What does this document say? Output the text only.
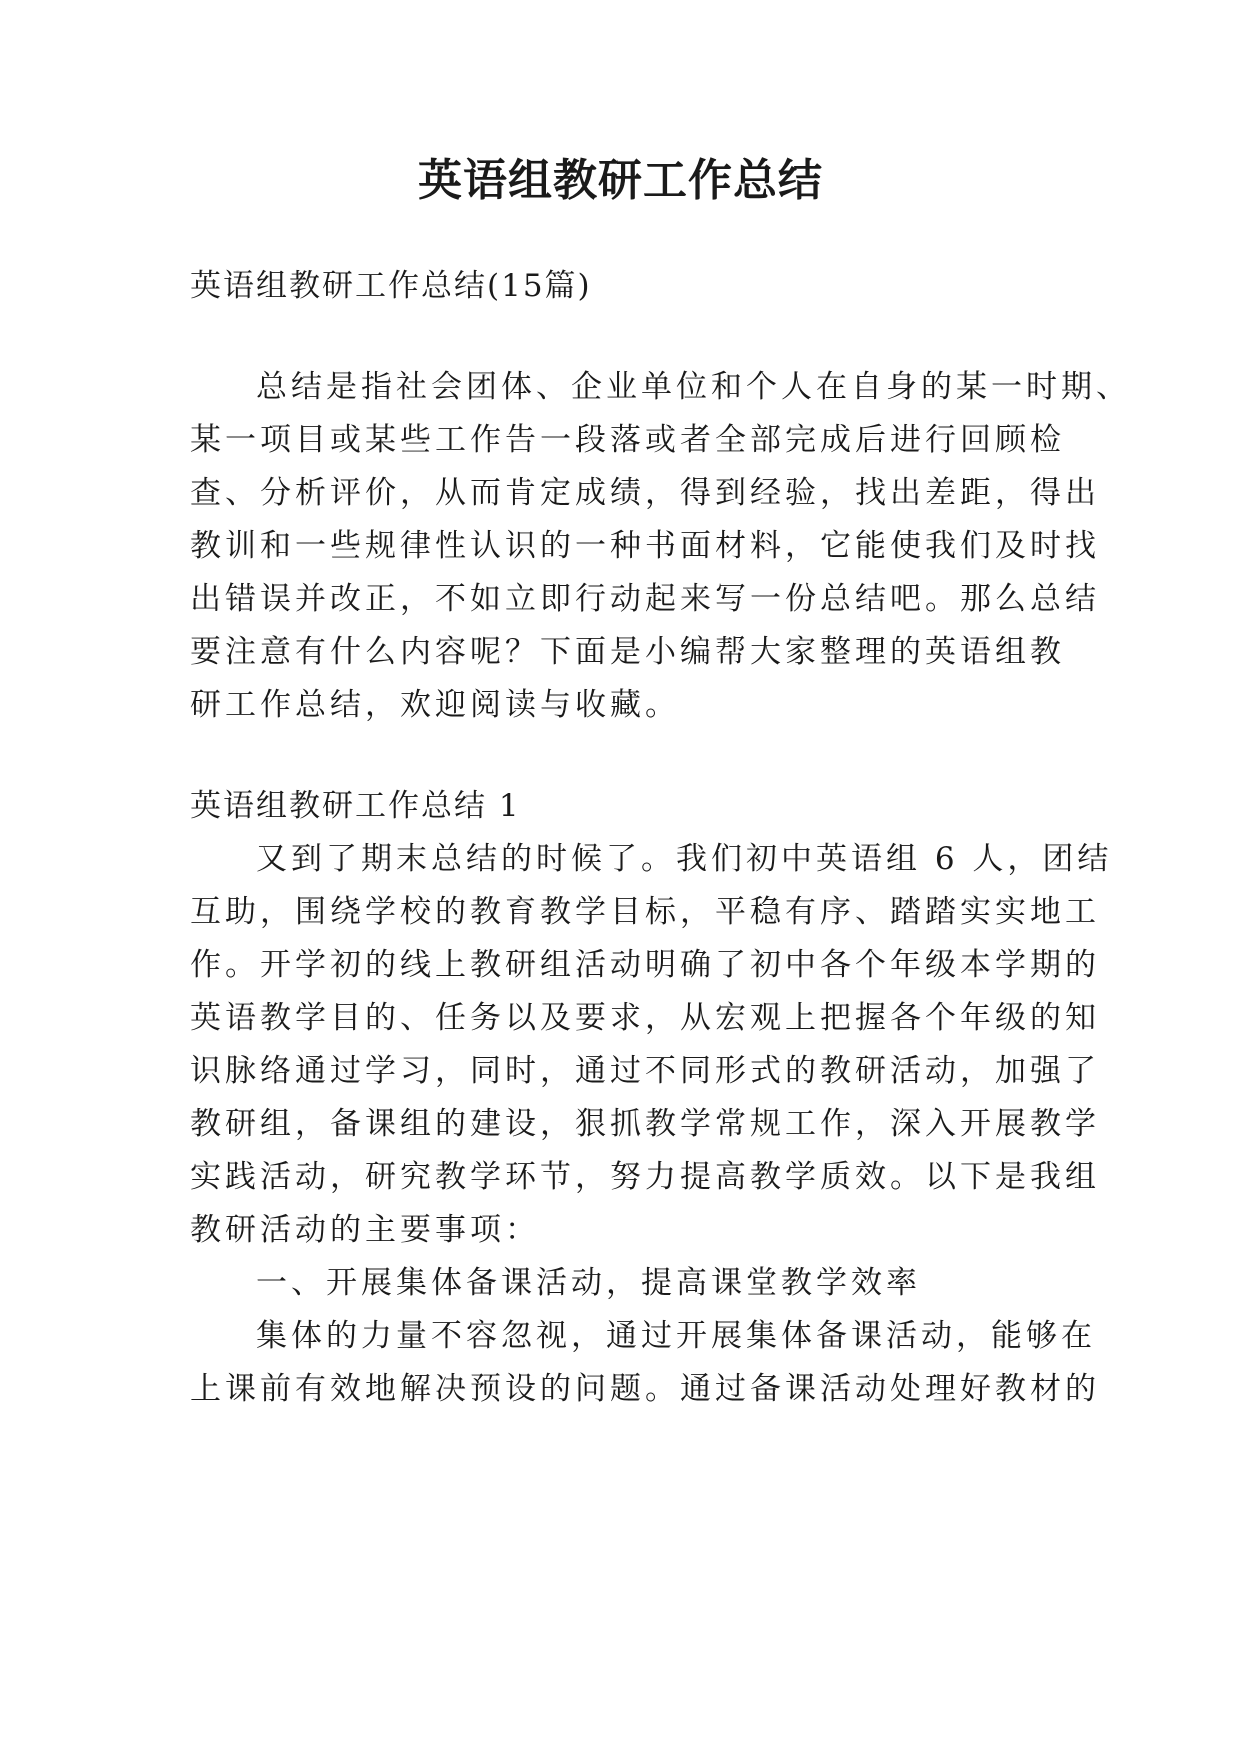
英语组教研工作总结

英语组教研工作总结(15篇)

总结是指社会团体、企业单位和个人在自身的某一时期、

某一项目或某些工作告一段落或者全部完成后进行回顾检

查、分析评价，从而肯定成绩，得到经验，找出差距，得出

教训和一些规律性认识的一种书面材料，它能使我们及时找

出错误并改正，不如立即行动起来写一份总结吧。那么总结

要注意有什么内容呢？下面是小编帮大家整理的英语组教

研工作总结，欢迎阅读与收藏。

英语组教研工作总结 1

又到了期末总结的时候了。我们初中英语组 6 人，团结

互助，围绕学校的教育教学目标，平稳有序、踏踏实实地工

作。开学初的线上教研组活动明确了初中各个年级本学期的

英语教学目的、任务以及要求，从宏观上把握各个年级的知

识脉络通过学习，同时，通过不同形式的教研活动，加强了

教研组，备课组的建设，狠抓教学常规工作，深入开展教学

实践活动，研究教学环节，努力提高教学质效。以下是我组

教研活动的主要事项：

一、开展集体备课活动，提高课堂教学效率

集体的力量不容忽视，通过开展集体备课活动，能够在

上课前有效地解决预设的问题。通过备课活动处理好教材的
